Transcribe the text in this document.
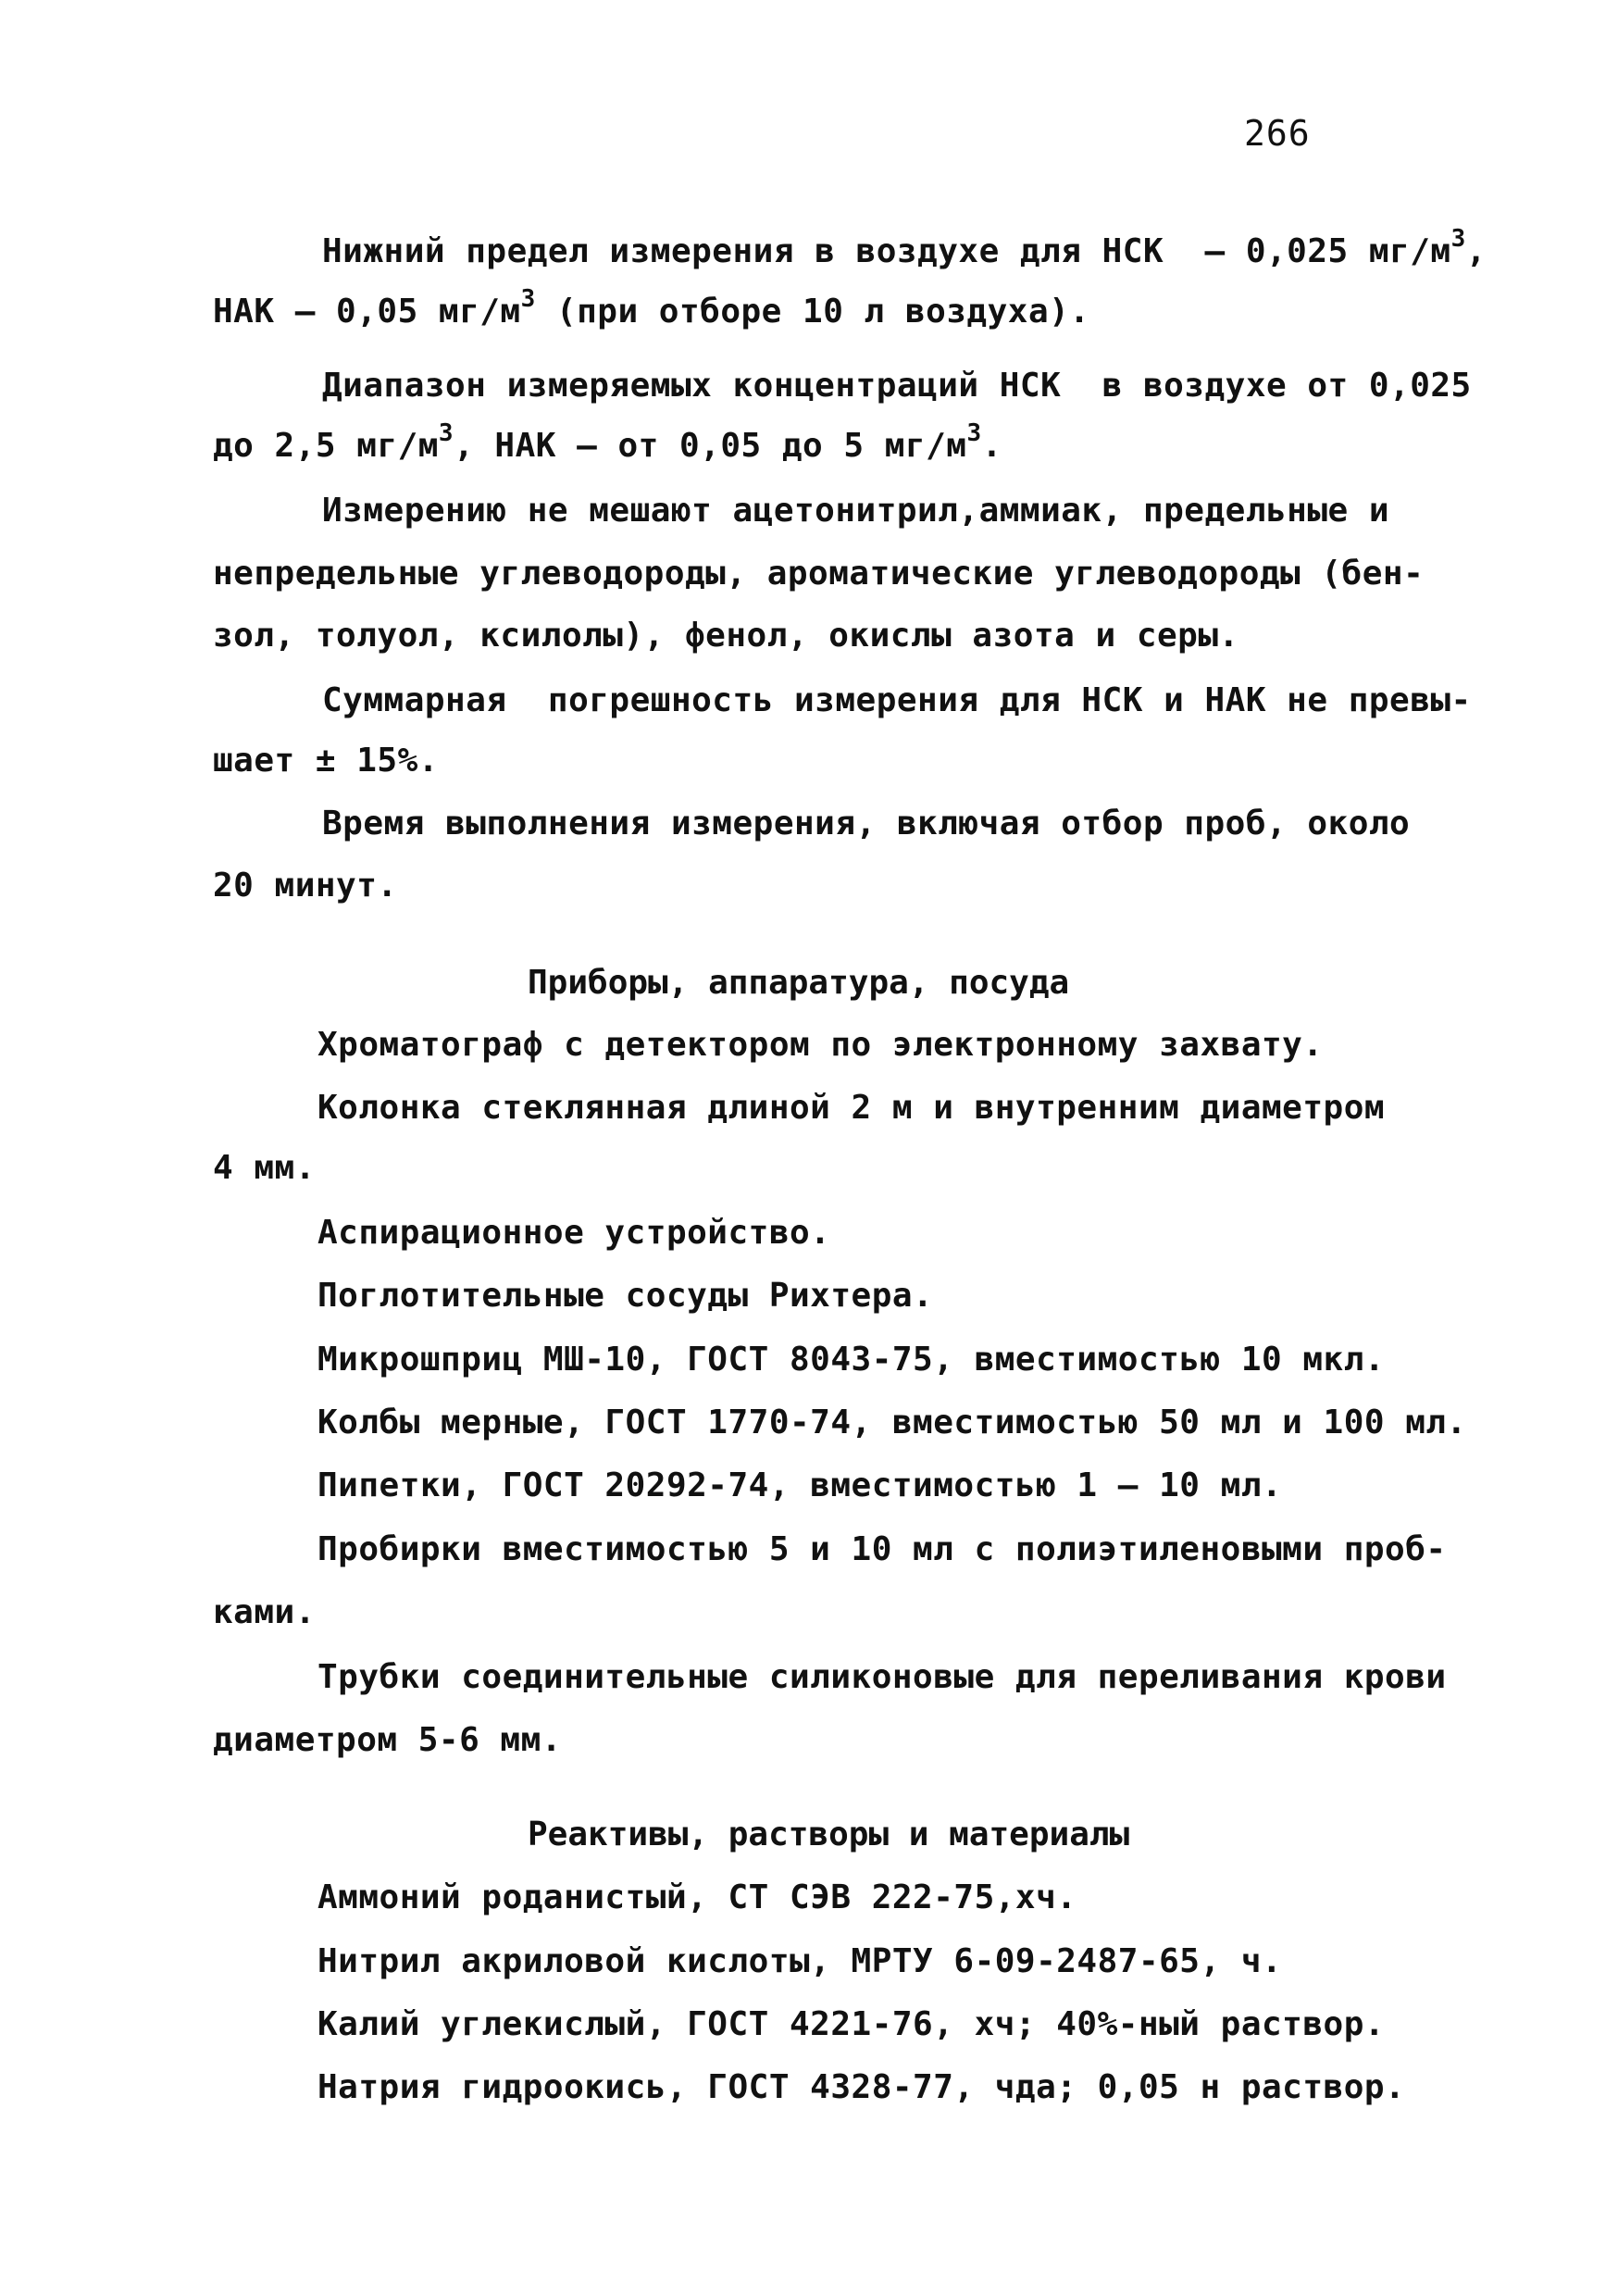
266
Нижний предел измерения в воздухе для НСК  – 0,025 $мг/м^3$,
НАК – 0,05 $мг/м^3$ (при отборе 10 л воздуха).
Диапазон измеряемых концентраций НСК  в воздухе от 0,025
до 2,5 $мг/м^3$, НАК – от 0,05 до 5 $мг/м^3$.
Измерению не мешают ацетонитрил,аммиак, предельные и
непредельные углеводороды, ароматические углеводороды (бен-
зол, толуол, ксилолы), фенол, окислы азота и серы.
Суммарная  погрешность измерения для НСК и НАК не превы-
шает ± 15%.
Время выполнения измерения, включая отбор проб, около
20 минут.
Приборы, аппаратура, посуда
Хроматограф с детектором по электронному захвату.
Колонка стеклянная длиной 2 м и внутренним диаметром
4 мм.
Аспирационное устройство.
Поглотительные сосуды Рихтера.
Микрошприц МШ-10, ГОСТ 8043-75, вместимостью 10 мкл.
Колбы мерные, ГОСТ 1770-74, вместимостью 50 мл и 100 мл.
Пипетки, ГОСТ 20292-74, вместимостью 1 – 10 мл.
Пробирки вместимостью 5 и 10 мл с полиэтиленовыми проб-
ками.
Трубки соединительные силиконовые для переливания крови
диаметром 5-6 мм.
Реактивы, растворы и материалы
Аммоний роданистый, СТ СЭВ 222-75,хч.
Нитрил акриловой кислоты, МРТУ 6-09-2487-65, ч.
Калий углекислый, ГОСТ 4221-76, хч; 40%-ный раствор.
Натрия гидроокись, ГОСТ 4328-77, чда; 0,05 н раствор.
